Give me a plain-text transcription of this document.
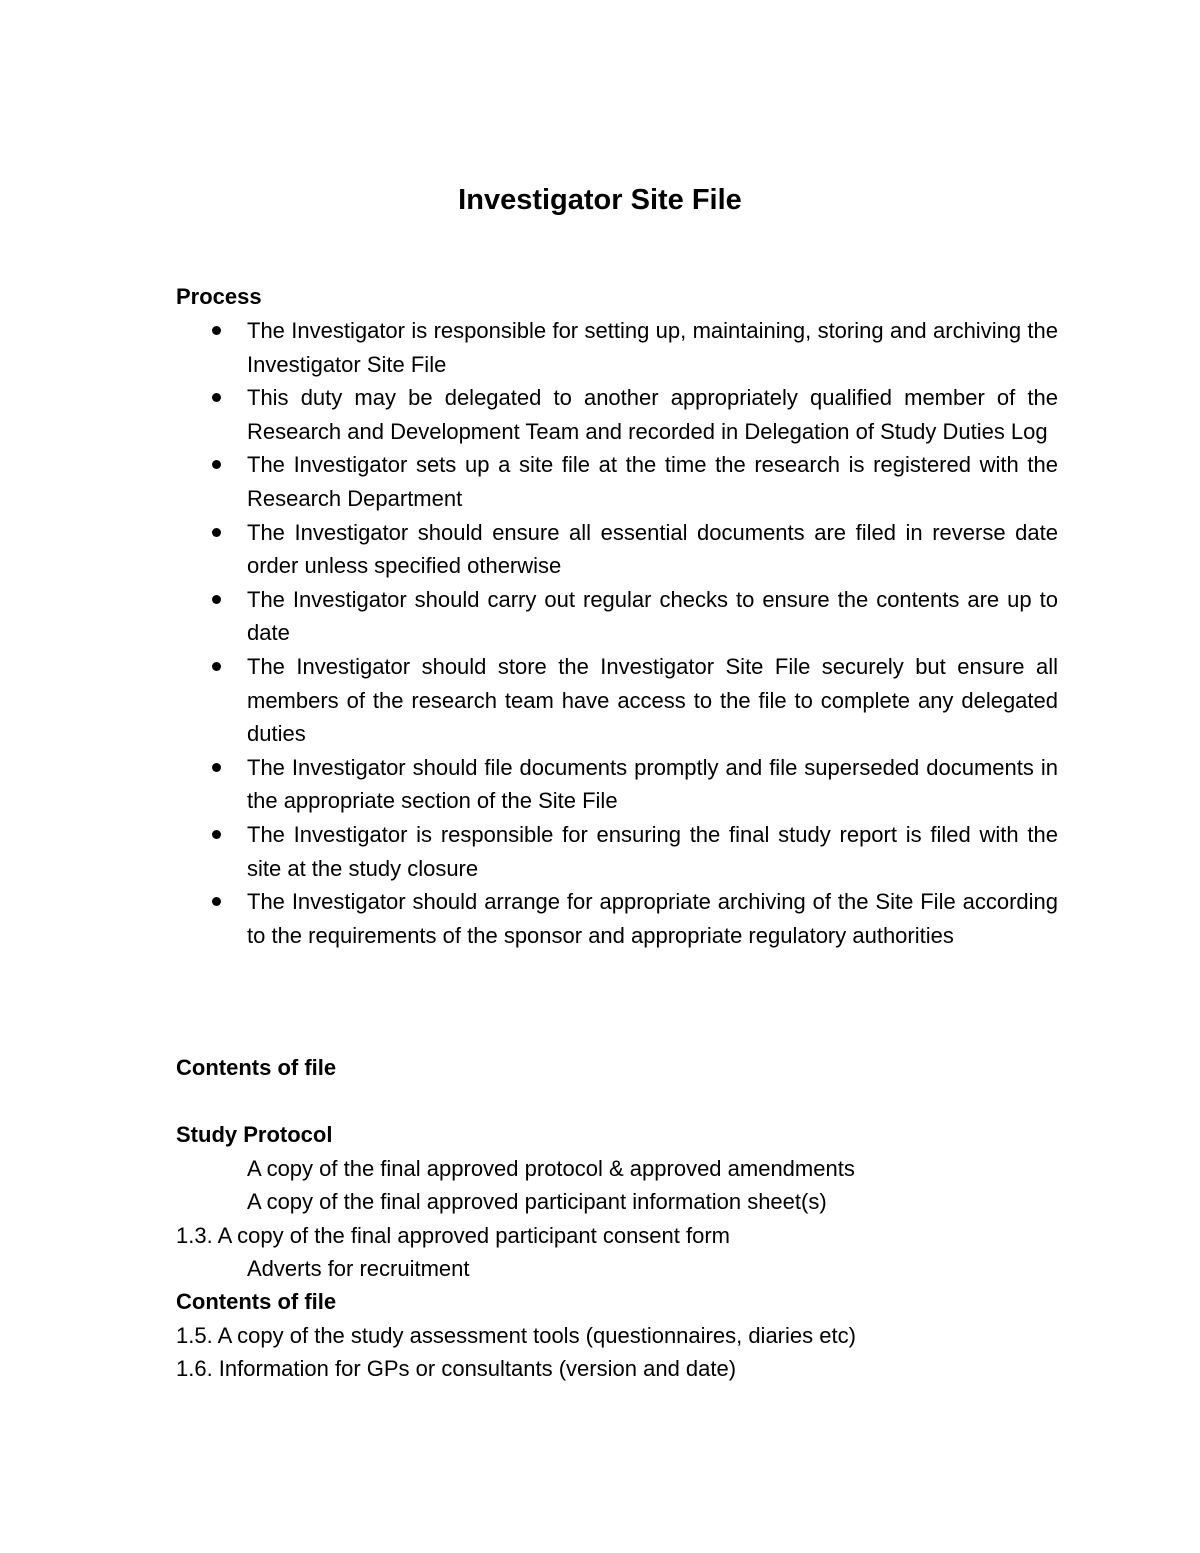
Investigator Site File
Process
The Investigator is responsible for setting up, maintaining, storing and archiving the Investigator Site File
This duty may be delegated to another appropriately qualified member of the Research and Development Team and recorded in Delegation of Study Duties Log
The Investigator sets up a site file at the time the research is registered with the Research Department
The Investigator should ensure all essential documents are filed in reverse date order unless specified otherwise
The Investigator should carry out regular checks to ensure the contents are up to date
The Investigator should store the Investigator Site File securely but ensure all members of the research team have access to the file to complete any delegated duties
The Investigator should file documents promptly and file superseded documents in the appropriate section of the Site File
The Investigator is responsible for ensuring the final study report is filed with the site at the study closure
The Investigator should arrange for appropriate archiving of the Site File according to the requirements of the sponsor and appropriate regulatory authorities
Contents of file
Study Protocol
A copy of the final approved protocol & approved amendments
A copy of the final approved participant information sheet(s)
1.3. A copy of the final approved participant consent form
Adverts for recruitment
Contents of file
1.5. A copy of the study assessment tools (questionnaires, diaries etc)
1.6. Information for GPs or consultants (version and date)
